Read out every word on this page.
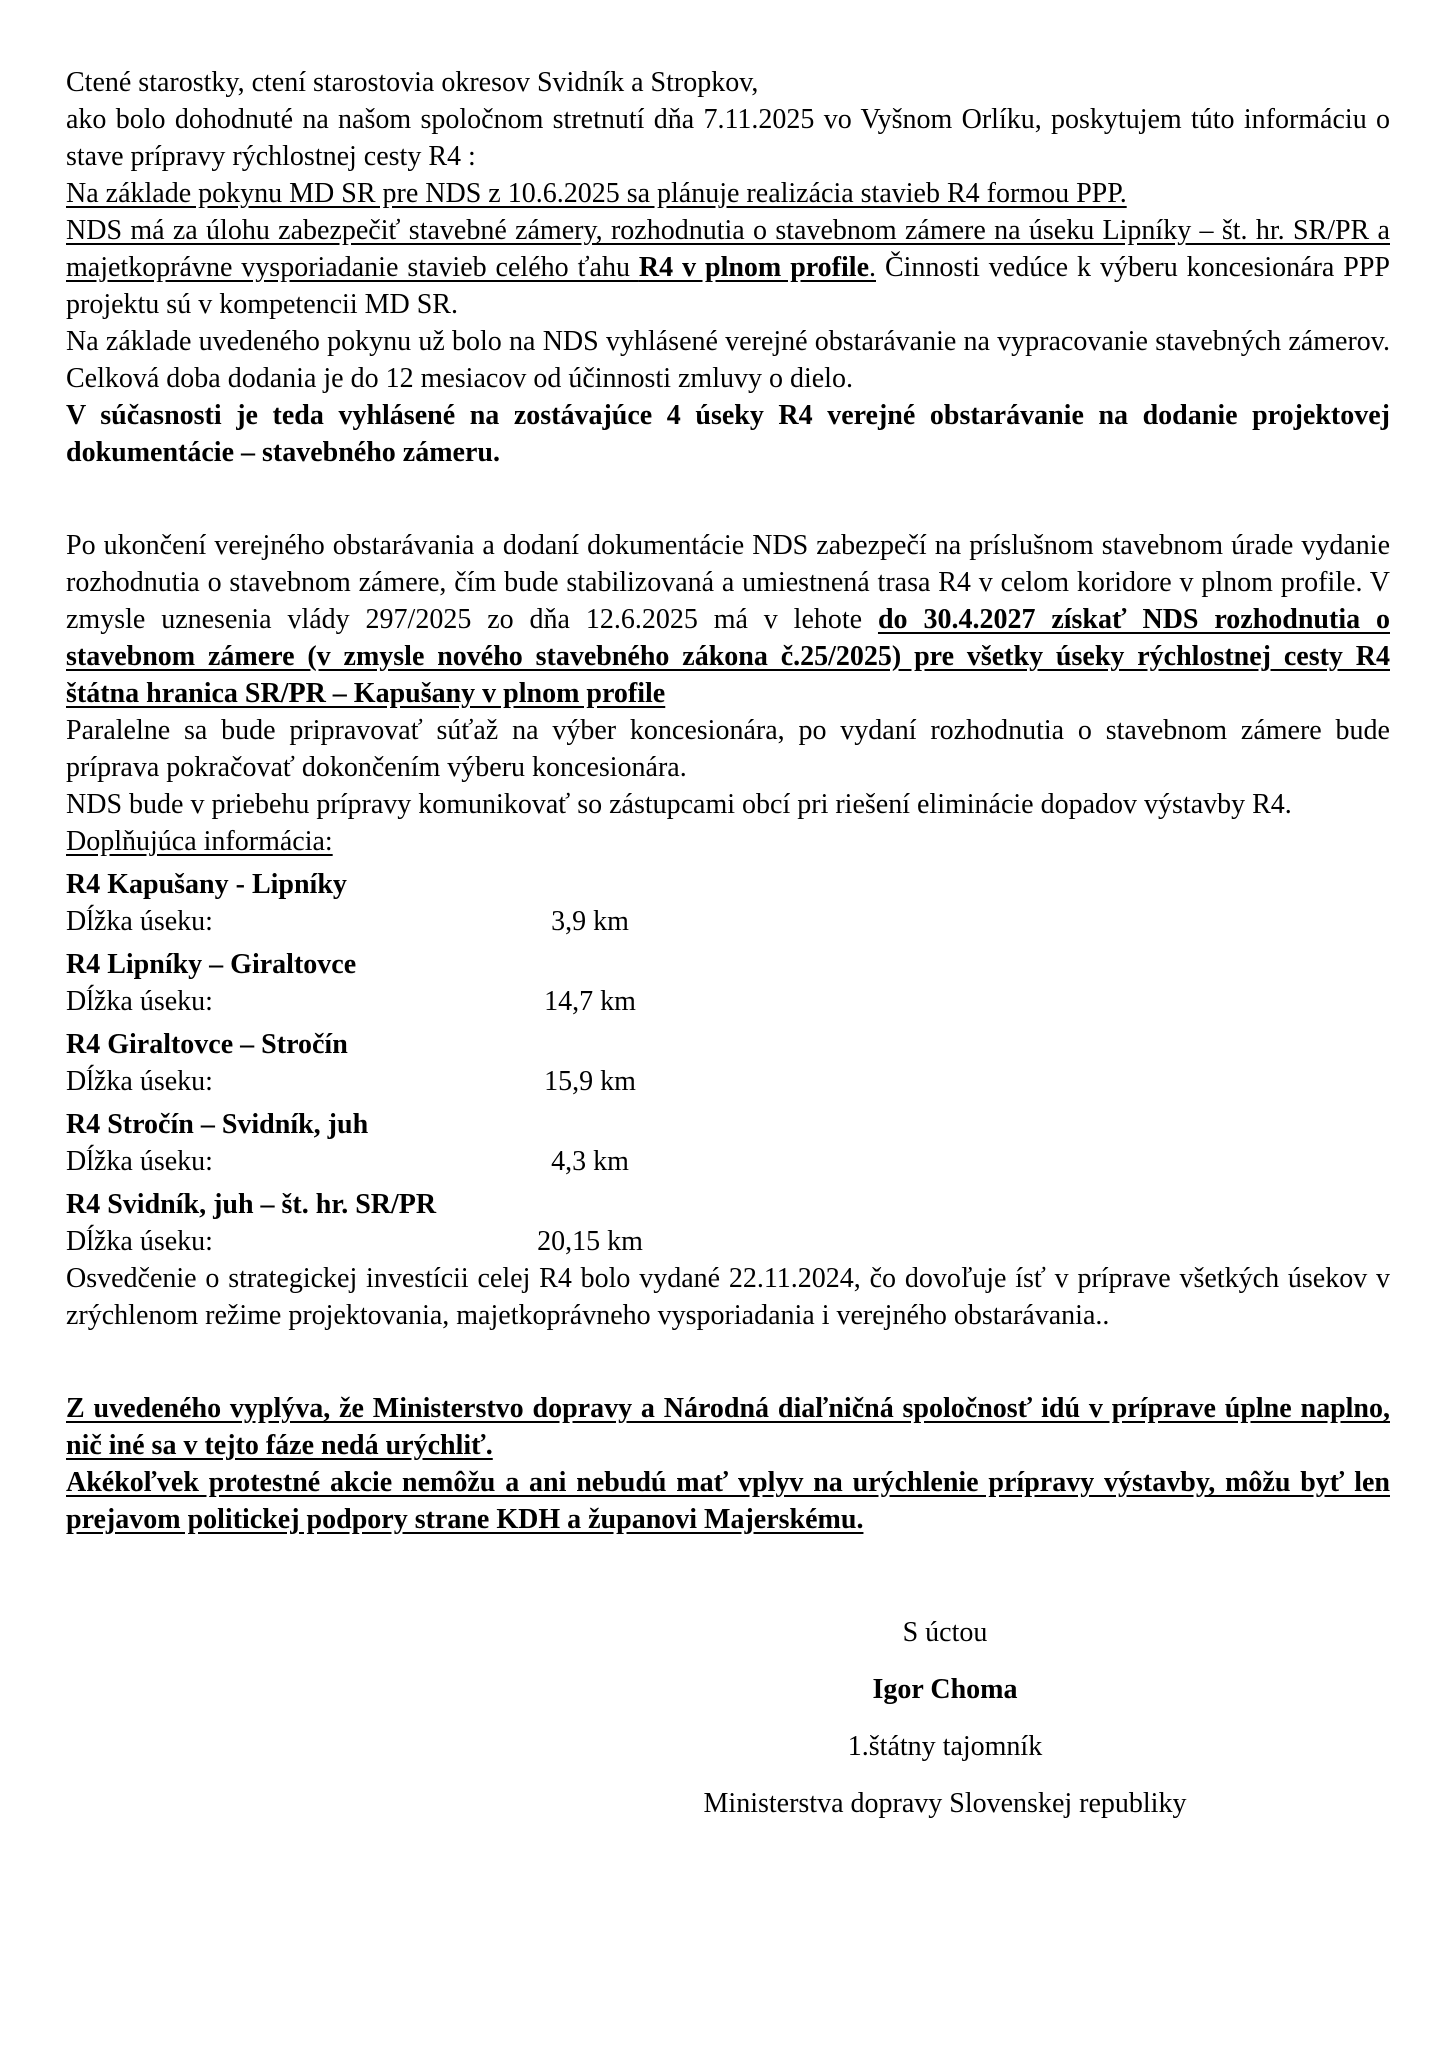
Ctené starostky, ctení starostovia okresov Svidník a Stropkov,
ako bolo dohodnuté na našom spoločnom stretnutí dňa 7.11.2025 vo Vyšnom Orlíku, poskytujem túto informáciu o stave prípravy rýchlostnej cesty R4 :
Na základe pokynu MD SR pre NDS z 10.6.2025 sa plánuje realizácia stavieb R4 formou PPP.
NDS má za úlohu zabezpečiť stavebné zámery, rozhodnutia o stavebnom zámere na úseku Lipníky – št. hr. SR/PR a majetkoprávne vysporiadanie stavieb celého ťahu R4 v plnom profile. Činnosti vedúce k výberu koncesionára PPP projektu sú v kompetencii MD SR.
Na základe uvedeného pokynu už bolo na NDS vyhlásené verejné obstarávanie na vypracovanie stavebných zámerov. Celková doba dodania je do 12 mesiacov od účinnosti zmluvy o dielo.
V súčasnosti je teda vyhlásené na zostávajúce 4 úseky R4 verejné obstarávanie na dodanie projektovej dokumentácie – stavebného zámeru.
Po ukončení verejného obstarávania a dodaní dokumentácie NDS zabezpečí na príslušnom stavebnom úrade vydanie rozhodnutia o stavebnom zámere, čím bude stabilizovaná a umiestnená trasa R4 v celom koridore v plnom profile. V zmysle uznesenia vlády 297/2025 zo dňa 12.6.2025 má v lehote do 30.4.2027 získať NDS rozhodnutia o stavebnom zámere (v zmysle nového stavebného zákona č.25/2025) pre všetky úseky rýchlostnej cesty R4 štátna hranica SR/PR – Kapušany v plnom profile
Paralelne sa bude pripravovať súťaž na výber koncesionára, po vydaní rozhodnutia o stavebnom zámere bude príprava pokračovať dokončením výberu koncesionára.
NDS bude v priebehu prípravy komunikovať so zástupcami obcí pri riešení eliminácie dopadov výstavby R4.
Doplňujúca informácia:
R4 Kapušany - Lipníky
Dĺžka úseku:	3,9 km
R4 Lipníky – Giraltovce
Dĺžka úseku:	14,7 km
R4 Giraltovce – Stročín
Dĺžka úseku:	15,9 km
R4 Stročín – Svidník, juh
Dĺžka úseku:	4,3 km
R4 Svidník, juh – št. hr. SR/PR
Dĺžka úseku:	20,15 km
Osvedčenie o strategickej investícii celej R4 bolo vydané 22.11.2024, čo dovoľuje ísť v príprave všetkých úsekov v zrýchlenom režime projektovania, majetkoprávneho vysporiadania i verejného obstarávania..
Z uvedeného vyplýva, že Ministerstvo dopravy a Národná diaľničná spoločnosť idú v príprave úplne naplno, nič iné sa v tejto fáze nedá urýchliť.
Akékoľvek protestné akcie nemôžu a ani nebudú mať vplyv na urýchlenie prípravy výstavby, môžu byť len prejavom politickej podpory strane KDH a županovi Majerskému.
S úctou
Igor Choma
1.štátny tajomník
Ministerstva dopravy Slovenskej republiky
